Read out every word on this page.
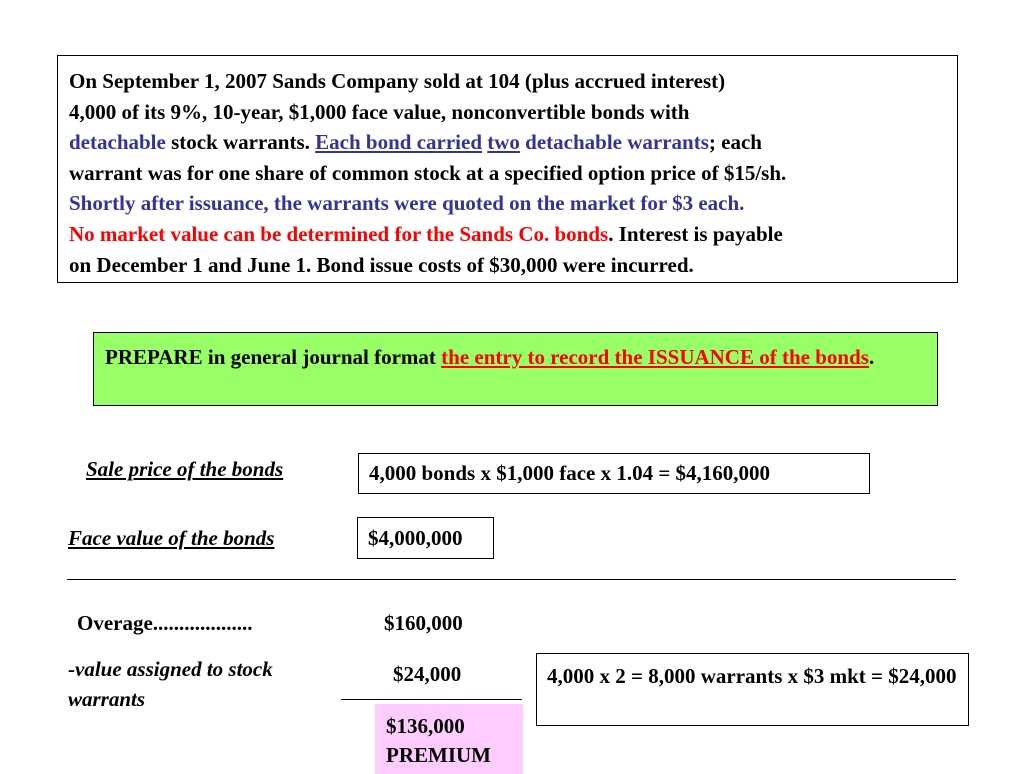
On September 1, 2007 Sands Company sold at 104 (plus accrued interest)
4,000 of its 9%, 10-year, $1,000 face value, nonconvertible bonds with
detachable stock warrants. Each bond carried two detachable warrants; each
warrant was for one share of common stock at a specified option price of $15/sh.
Shortly after issuance, the warrants were quoted on the market for $3 each.
No market value can be determined for the Sands Co. bonds. Interest is payable
on December 1 and June 1. Bond issue costs of $30,000 were incurred.
PREPARE in general journal format the entry to record the ISSUANCE of the bonds.
Sale price of the bonds	4,000 bonds x $1,000 face x 1.04 = $4,160,000
Face value of the bonds	$4,000,000
Overage...................	$160,000
-value assigned to stock
warrants
$24,000	4,000 x 2 = 8,000 warrants x $3 mkt = $24,000
$136,000
PREMIUM
